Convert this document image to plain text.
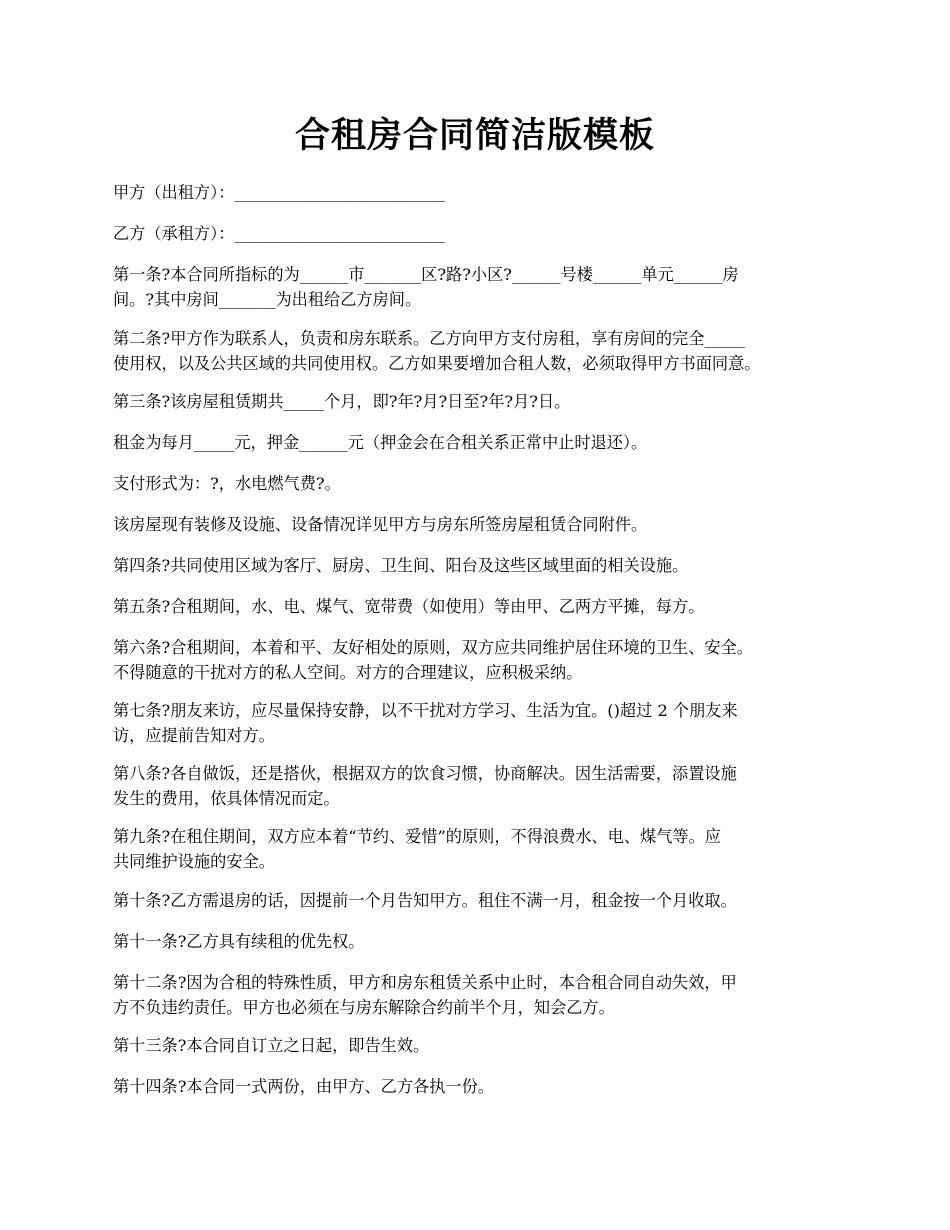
合租房合同简洁版模板
甲方（出租方）：__________________________
乙方（承租方）：__________________________
第一条?本合同所指标的为______市_______区?路?小区?______号楼______单元______房
间。?其中房间_______为出租给乙方房间。
第二条?甲方作为联系人，负责和房东联系。乙方向甲方支付房租，享有房间的完全_____
使用权，以及公共区域的共同使用权。乙方如果要增加合租人数，必须取得甲方书面同意。
第三条?该房屋租赁期共_____个月，即?年?月?日至?年?月?日。
租金为每月_____元，押金______元（押金会在合租关系正常中止时退还）。
支付形式为：?，水电燃气费?。
该房屋现有装修及设施、设备情况详见甲方与房东所签房屋租赁合同附件。
第四条?共同使用区域为客厅、厨房、卫生间、阳台及这些区域里面的相关设施。
第五条?合租期间，水、电、煤气、宽带费（如使用）等由甲、乙两方平摊，每方。
第六条?合租期间，本着和平、友好相处的原则，双方应共同维护居住环境的卫生、安全。
不得随意的干扰对方的私人空间。对方的合理建议，应积极采纳。
第七条?朋友来访，应尽量保持安静，以不干扰对方学习、生活为宜。()超过 2 个朋友来
访，应提前告知对方。
第八条?各自做饭，还是搭伙，根据双方的饮食习惯，协商解决。因生活需要，添置设施
发生的费用，依具体情况而定。
第九条?在租住期间，双方应本着“节约、爱惜”的原则，不得浪费水、电、煤气等。应
共同维护设施的安全。
第十条?乙方需退房的话，因提前一个月告知甲方。租住不满一月，租金按一个月收取。
第十一条?乙方具有续租的优先权。
第十二条?因为合租的特殊性质，甲方和房东租赁关系中止时，本合租合同自动失效，甲
方不负违约责任。甲方也必须在与房东解除合约前半个月，知会乙方。
第十三条?本合同自订立之日起，即告生效。
第十四条?本合同一式两份，由甲方、乙方各执一份。
